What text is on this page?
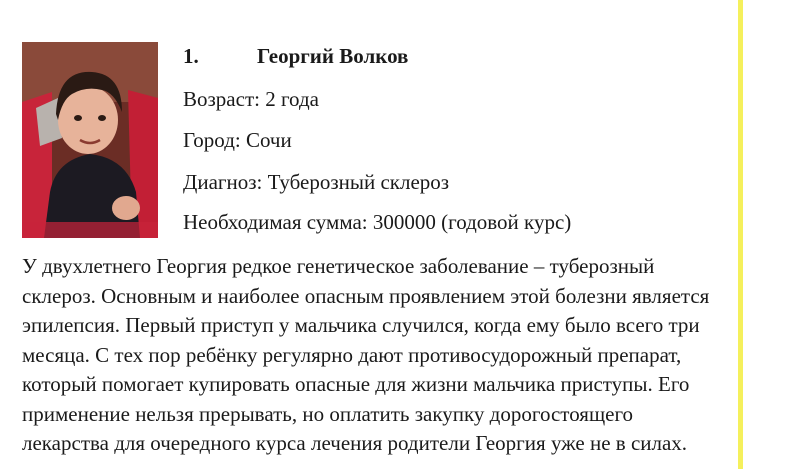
1.	Георгий Волков
Возраст: 2 года
Город: Сочи
Диагноз: Туберозный склероз
Необходимая сумма: 300000 (годовой курс)

У двухлетнего Георгия редкое генетическое заболевание – туберозный
склероз. Основным и наиболее опасным проявлением этой болезни является
эпилепсия. Первый приступ у мальчика случился, когда ему было всего три
месяца. С тех пор ребёнку регулярно дают противосудорожный препарат,
который помогает купировать опасные для жизни мальчика приступы. Его
применение нельзя прерывать, но оплатить закупку дорогостоящего
лекарства для очередного курса лечения родители Георгия уже не в силах.
